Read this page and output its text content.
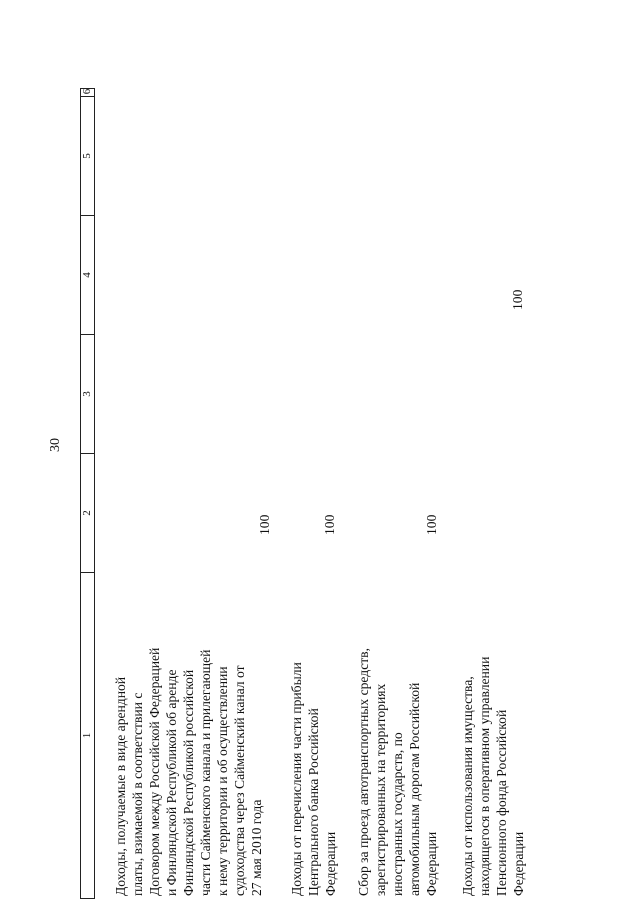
30
1
2
3
4
5
6
Доходы, получаемые в виде арендной платы, взимаемой в соответствии с Договором между Российской Федерацией и Финляндской Республикой об аренде Финляндской Республикой российской части Сайменского канала и прилегающей к нему территории и об осуществлении судоходства через Сайменский канал от 27 мая 2010 года
100
Доходы от перечисления части прибыли Центрального банка Российской Федерации
100
Сбор за проезд автотранспортных средств, зарегистрированных на территориях иностранных государств, по автомобильным дорогам Российской Федерации
100
Доходы от использования имущества, находящегося в оперативном управлении Пенсионного фонда Российской Федерации
100
